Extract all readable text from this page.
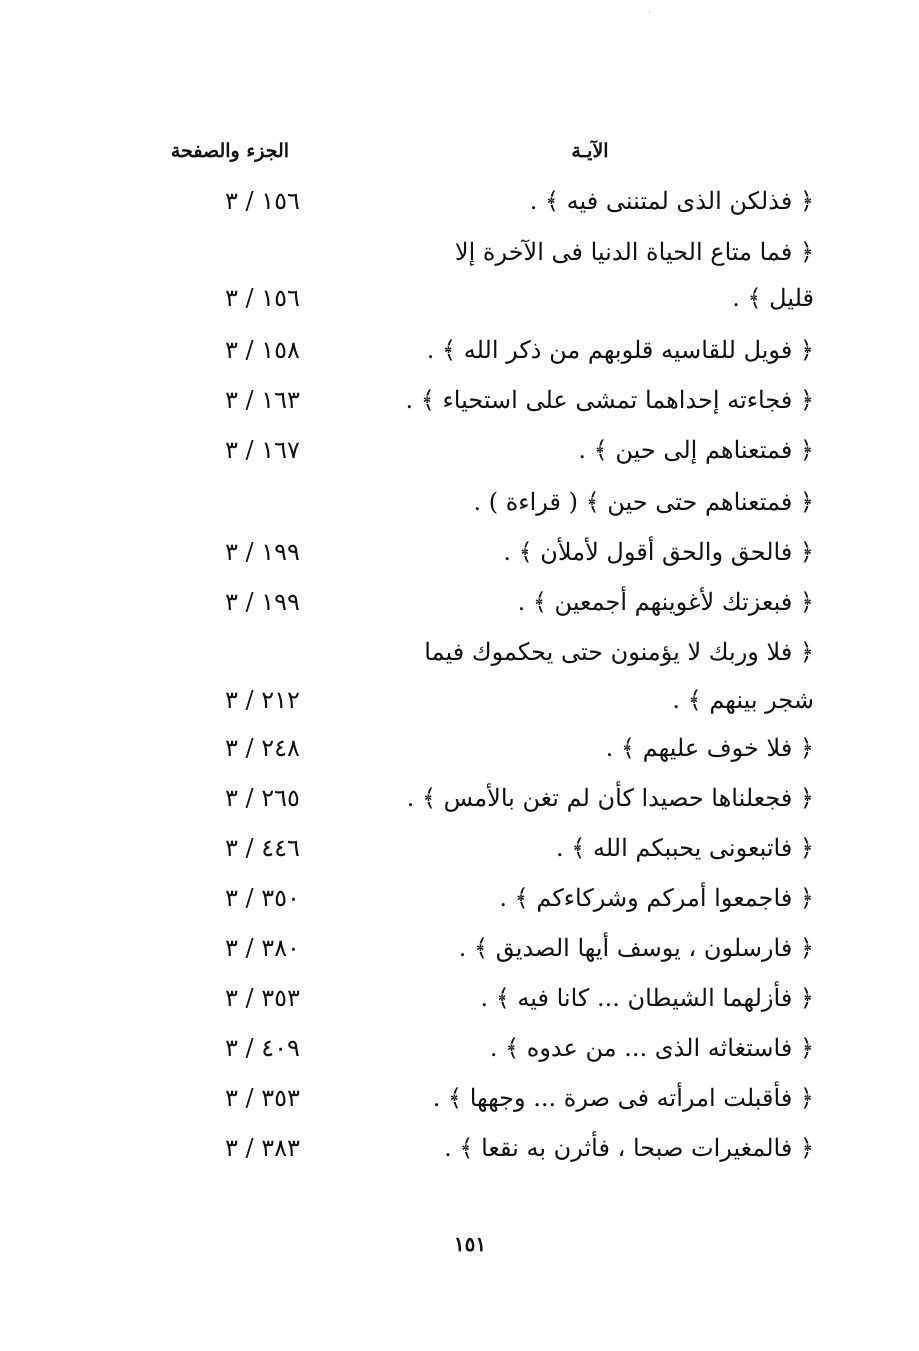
·
الآيـة
الجزء والصفحة
﴿ فذلكن الذى لمتننى فيه ﴾ .
١٥٦ / ٣
﴿ فما متاع الحياة الدنيا فى الآخرة إلا
قليل ﴾ .
١٥٦ / ٣
﴿ فويل للقاسيه قلوبهم من ذكر الله ﴾ .
١٥٨ / ٣
﴿ فجاءته إحداهما تمشى على استحياء ﴾ .
١٦٣ / ٣
﴿ فمتعناهم إلى حين ﴾ .
١٦٧ / ٣
﴿ فمتعناهم حتى حين ﴾ ( قراءة ) .
﴿ فالحق والحق أقول لأملأن ﴾ .
١٩٩ / ٣
﴿ فبعزتك لأغوينهم أجمعين ﴾ .
١٩٩ / ٣
﴿ فلا وربك لا يؤمنون حتى يحكموك فيما
شجر بينهم ﴾ .
٢١٢ / ٣
﴿ فلا خوف عليهم ﴾ .
٢٤٨ / ٣
﴿ فجعلناها حصيدا كأن لم تغن بالأمس ﴾ .
٢٦٥ / ٣
﴿ فاتبعونى يحببكم الله ﴾ .
٤٤٦ / ٣
﴿ فاجمعوا أمركم وشركاءكم ﴾ .
٣٥٠ / ٣
﴿ فارسلون ، يوسف أيها الصديق ﴾ .
٣٨٠ / ٣
﴿ فأزلهما الشيطان ... كانا فيه ﴾ .
٣٥٣ / ٣
﴿ فاستغاثه الذى ... من عدوه ﴾ .
٤٠٩ / ٣
﴿ فأقبلت امرأته فى صرة ... وجهها ﴾ .
٣٥٣ / ٣
﴿ فالمغيرات صبحا ، فأثرن به نقعا ﴾ .
٣٨٣ / ٣
١٥١
